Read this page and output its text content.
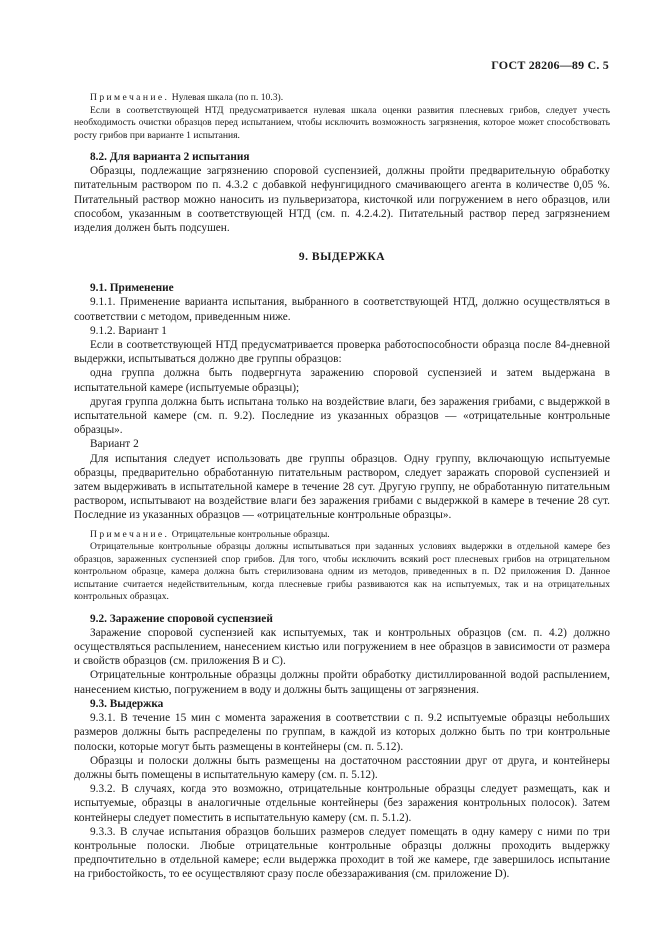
ГОСТ 28206—89 С. 5

Примечание. Нулевая шкала (по п. 10.3).

Если в соответствующей НТД предусматривается нулевая шкала оценки развития плесневых грибов, следует учесть необходимость очистки образцов перед испытанием, чтобы исключить возможность загрязнения, которое может способствовать росту грибов при варианте 1 испытания.

8.2. Для варианта 2 испытания

Образцы, подлежащие загрязнению споровой суспензией, должны пройти предварительную обработку питательным раствором по п. 4.3.2 с добавкой нефунгицидного смачивающего агента в количестве 0,05 %. Питательный раствор можно наносить из пульверизатора, кисточкой или погружением в него образцов, или способом, указанным в соответствующей НТД (см. п. 4.2.4.2). Питательный раствор перед загрязнением изделия должен быть подсушен.

9. ВЫДЕРЖКА

9.1. Применение

9.1.1. Применение варианта испытания, выбранного в соответствующей НТД, должно осуществляться в соответствии с методом, приведенным ниже.

9.1.2. Вариант 1

Если в соответствующей НТД предусматривается проверка работоспособности образца после 84-дневной выдержки, испытываться должно две группы образцов:

одна группа должна быть подвергнута заражению споровой суспензией и затем выдержана в испытательной камере (испытуемые образцы);

другая группа должна быть испытана только на воздействие влаги, без заражения грибами, с выдержкой в испытательной камере (см. п. 9.2). Последние из указанных образцов — «отрицательные контрольные образцы».

Вариант 2

Для испытания следует использовать две группы образцов. Одну группу, включающую испытуемые образцы, предварительно обработанную питательным раствором, следует заражать споровой суспензией и затем выдерживать в испытательной камере в течение 28 сут. Другую группу, не обработанную питательным раствором, испытывают на воздействие влаги без заражения грибами с выдержкой в камере в течение 28 сут. Последние из указанных образцов — «отрицательные контрольные образцы».

Примечание. Отрицательные контрольные образцы.

Отрицательные контрольные образцы должны испытываться при заданных условиях выдержки в отдельной камере без образцов, зараженных суспензией спор грибов. Для того, чтобы исключить всякий рост плесневых грибов на отрицательном контрольном образце, камера должна быть стерилизована одним из методов, приведенных в п. D2 приложения D. Данное испытание считается недействительным, когда плесневые грибы развиваются как на испытуемых, так и на отрицательных контрольных образцах.

9.2. Заражение споровой суспензией

Заражение споровой суспензией как испытуемых, так и контрольных образцов (см. п. 4.2) должно осуществляться распылением, нанесением кистью или погружением в нее образцов в зависимости от размера и свойств образцов (см. приложения В и С).

Отрицательные контрольные образцы должны пройти обработку дистиллированной водой распылением, нанесением кистью, погружением в воду и должны быть защищены от загрязнения.

9.3. Выдержка

9.3.1. В течение 15 мин с момента заражения в соответствии с п. 9.2 испытуемые образцы небольших размеров должны быть распределены по группам, в каждой из которых должно быть по три контрольные полоски, которые могут быть размещены в контейнеры (см. п. 5.12).

Образцы и полоски должны быть размещены на достаточном расстоянии друг от друга, и контейнеры должны быть помещены в испытательную камеру (см. п. 5.12).

9.3.2. В случаях, когда это возможно, отрицательные контрольные образцы следует размещать, как и испытуемые, образцы в аналогичные отдельные контейнеры (без заражения контрольных полосок). Затем контейнеры следует поместить в испытательную камеру (см. п. 5.1.2).

9.3.3. В случае испытания образцов больших размеров следует помещать в одну камеру с ними по три контрольные полоски. Любые отрицательные контрольные образцы должны проходить выдержку предпочтительно в отдельной камере; если выдержка проходит в той же камере, где завершилось испытание на грибостойкость, то ее осуществляют сразу после обеззараживания (см. приложение D).
